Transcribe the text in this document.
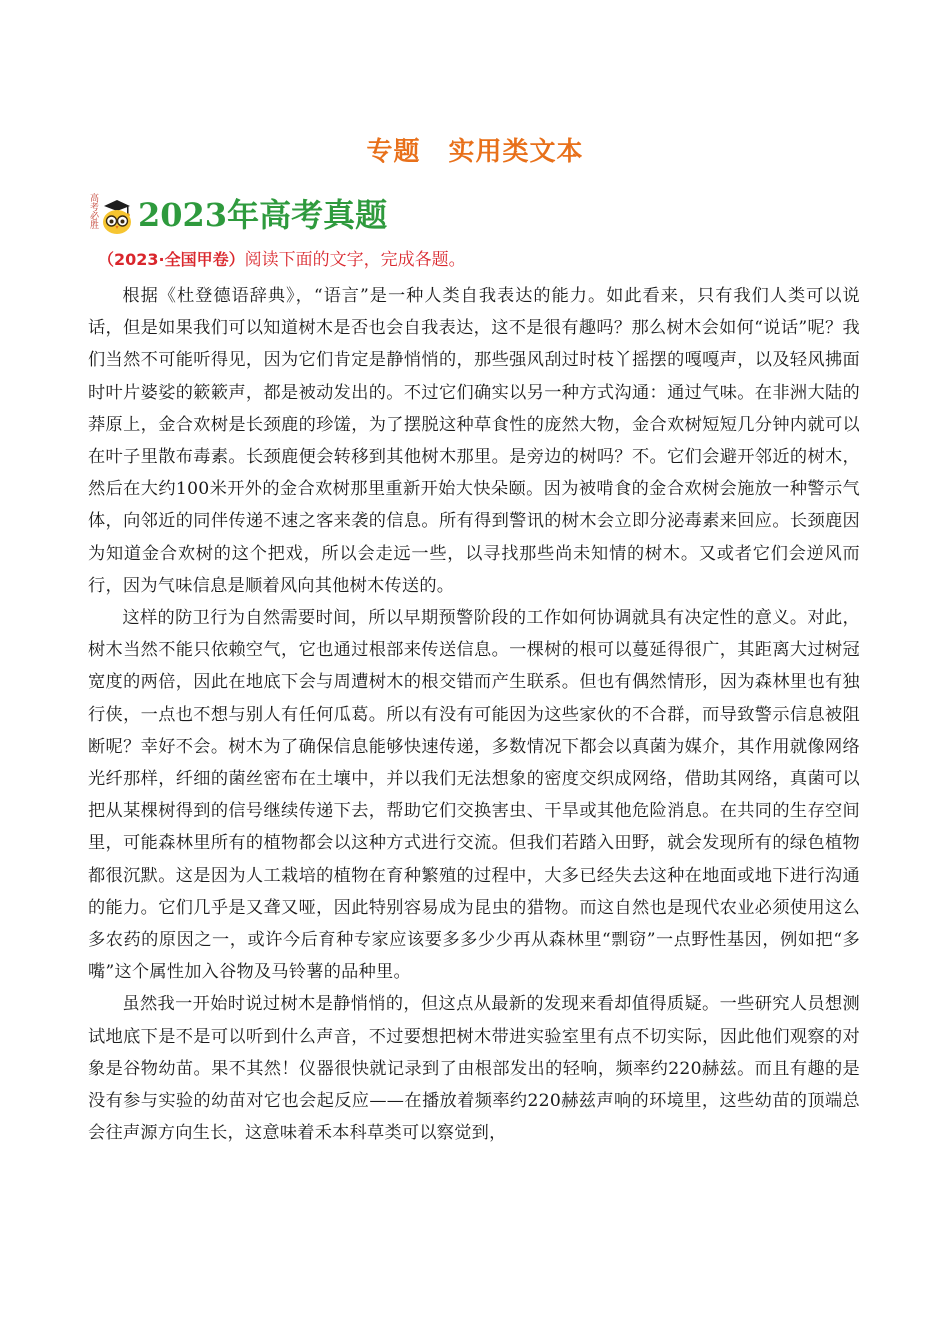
专题 实用类文本
高考必胜 2023年高考真题
（2023·全国甲卷）阅读下面的文字，完成各题。

根据《杜登德语辞典》，“语言”是一种人类自我表达的能力。如此看来，只有我们人类可以说话，但是如果我们可以知道树木是否也会自我表达，这不是很有趣吗？那么树木会如何“说话”呢？我们当然不可能听得见，因为它们肯定是静悄悄的，那些强风刮过时枝丫摇摆的嘎嘎声，以及轻风拂面时叶片婆娑的簌簌声，都是被动发出的。不过它们确实以另一种方式沟通：通过气味。在非洲大陆的莽原上，金合欢树是长颈鹿的珍馐，为了摆脱这种草食性的庞然大物，金合欢树短短几分钟内就可以在叶子里散布毒素。长颈鹿便会转移到其他树木那里。是旁边的树吗？不。它们会避开邻近的树木，然后在大约100米开外的金合欢树那里重新开始大快朵颐。因为被啃食的金合欢树会施放一种警示气体，向邻近的同伴传递不速之客来袭的信息。所有得到警讯的树木会立即分泌毒素来回应。长颈鹿因为知道金合欢树的这个把戏，所以会走远一些，以寻找那些尚未知情的树木。又或者它们会逆风而行，因为气味信息是顺着风向其他树木传送的。

这样的防卫行为自然需要时间，所以早期预警阶段的工作如何协调就具有决定性的意义。对此，树木当然不能只依赖空气，它也通过根部来传送信息。一棵树的根可以蔓延得很广，其距离大过树冠宽度的两倍，因此在地底下会与周遭树木的根交错而产生联系。但也有偶然情形，因为森林里也有独行侠，一点也不想与别人有任何瓜葛。所以有没有可能因为这些家伙的不合群，而导致警示信息被阻断呢？幸好不会。树木为了确保信息能够快速传递，多数情况下都会以真菌为媒介，其作用就像网络光纤那样，纤细的菌丝密布在土壤中，并以我们无法想象的密度交织成网络，借助其网络，真菌可以把从某棵树得到的信号继续传递下去，帮助它们交换害虫、干旱或其他危险消息。在共同的生存空间里，可能森林里所有的植物都会以这种方式进行交流。但我们若踏入田野，就会发现所有的绿色植物都很沉默。这是因为人工栽培的植物在育种繁殖的过程中，大多已经失去这种在地面或地下进行沟通的能力。它们几乎是又聋又哑，因此特别容易成为昆虫的猎物。而这自然也是现代农业必须使用这么多农药的原因之一，或许今后育种专家应该要多多少少再从森林里“剽窃”一点野性基因，例如把“多嘴”这个属性加入谷物及马铃薯的品种里。

虽然我一开始时说过树木是静悄悄的，但这点从最新的发现来看却值得质疑。一些研究人员想测试地底下是不是可以听到什么声音，不过要想把树木带进实验室里有点不切实际，因此他们观察的对象是谷物幼苗。果不其然！仪器很快就记录到了由根部发出的轻响，频率约220赫兹。而且有趣的是没有参与实验的幼苗对它也会起反应——在播放着频率约220赫兹声响的环境里，这些幼苗的顶端总会往声源方向生长，这意味着禾本科草类可以察觉到，
